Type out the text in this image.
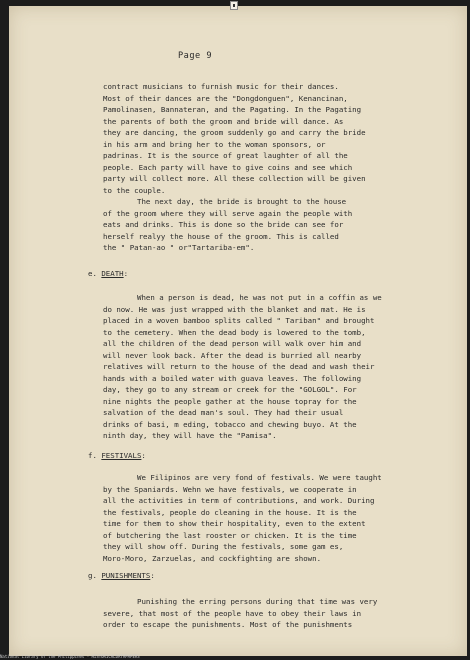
Page 9
contract musicians to furnish music for their dances.
Most of their dances are the "Dongdonguen", Kenancinan,
Pamolinasen, Bannateran, and the Pagating. In the Pagating
the parents of both the groom and bride will dance. As
they are dancing, the groom suddenly go and carry the bride
in his arm and bring her to the woman sponsors, or
padrinas. It is the source of great laughter of all the
people. Each party will have to give coins and see which
party will collect more. All these collection will be given
to the couple.
The next day, the bride is brought to the house
of the groom where they will serve again the people with
eats and drinks. This is done so the bride can see for
herself realyy the house of the groom. This is called
the " Patan-ao " or"Tartariba-em".
e. DEATH:
When a person is dead, he was not put in a coffin as we
do now. He was just wrapped with the blanket and mat. He is
placed in a woven bamboo splits called " Tariban" and brought
to the cemetery. When the dead body is lowered to the tomb,
all the children of the dead person will walk over him and
will never look back. After the dead is burried all nearby
relatives will return to the house of the dead and wash their
hands with a boiled water with guava leaves. The following
day, they go to any stream or creek for the "GOLGOL". For
nine nights the people gather at the house topray for the
salvation of the dead man's soul. They had their usual
drinks of basi, m eding, tobacco and chewing buyo. At the
ninth day, they will have the "Pamisa".
f. FESTIVALS:
We Filipinos are very fond of festivals. We were taught
by the Spaniards. Wehn we have festivals, we cooperate in
all the activities in term of contributions, and work. During
the festivals, people do cleaning in the house. It is the
time for them to show their hospitality, even to the extent
of butchering the last rooster or chicken. It is the time
they will show off. During the festivals, some gam es,
Moro-Moro, Zarzuelas, and cockfighting are shown.
g. PUNISHMENTS:
Punishing the erring persons during that time was very
severe, that most of the people have to obey their laws in
order to escape the punishments. Most of the punishments
National Library of the Philippines - HISTORICALDATAPAPERS
